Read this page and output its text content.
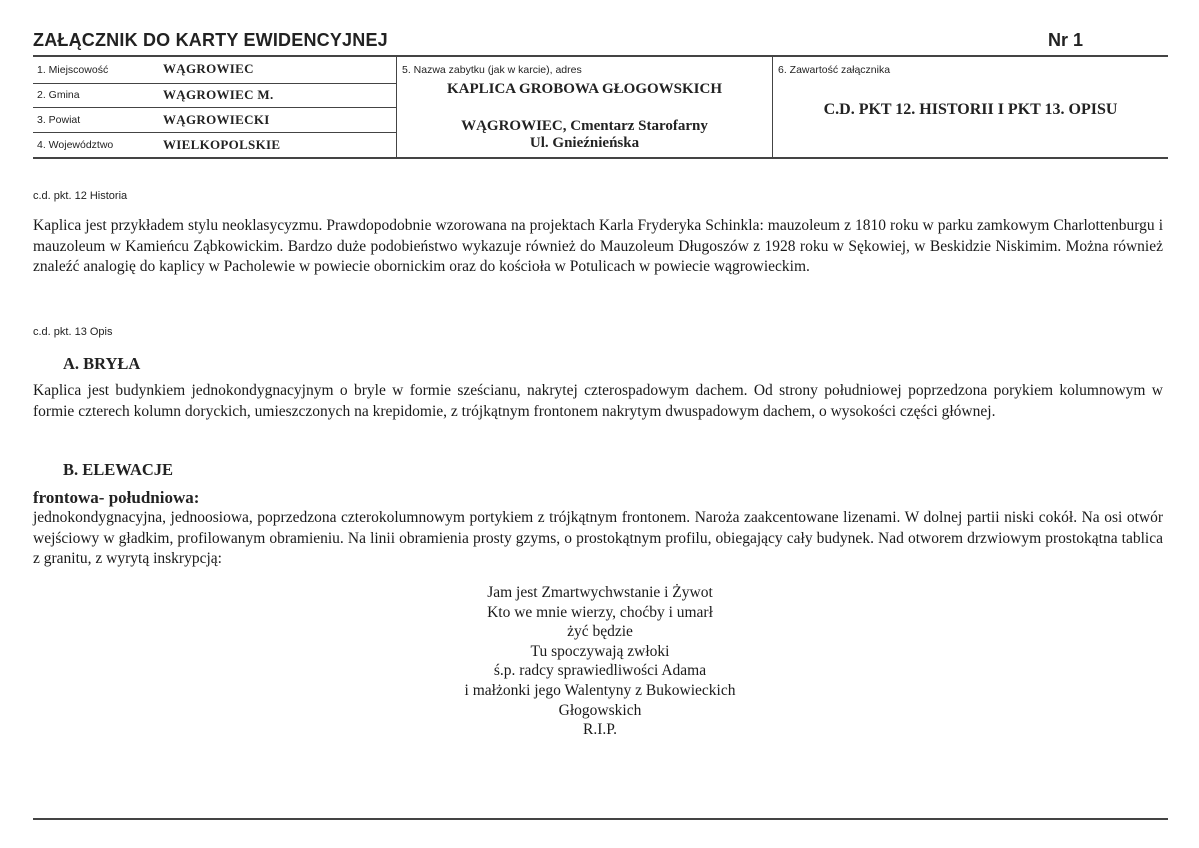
ZAŁĄCZNIK DO KARTY EWIDENCYJNEJ	Nr 1
1. Miejscowość	WĄGROWIEC
2. Gmina	WĄGROWIEC M.
3. Powiat	WĄGROWIECKI
4. Województwo	WIELKOPOLSKIE
5. Nazwa zabytku (jak w karcie), adres
KAPLICA GROBOWA GŁOGOWSKICH
WĄGROWIEC, Cmentarz Starofarny
Ul. Gnieźnieńska
6. Zawartość załącznika
C.D. PKT 12. HISTORII I PKT 13. OPISU
c.d. pkt. 12 Historia

Kaplica jest przykładem stylu neoklasycyzmu. Prawdopodobnie wzorowana na projektach Karla Fryderyka Schinkla: mauzoleum z 1810 roku w parku zamkowym Charlottenburgu i mauzoleum w Kamieńcu Ząbkowickim. Bardzo duże podobieństwo wykazuje również do Mauzoleum Długoszów z 1928 roku w Sękowiej, w Beskidzie Niskimim. Można również znaleźć analogię do kaplicy w Pacholewie w powiecie obornickim oraz do kościoła w Potulicach w powiecie wągrowieckim.

c.d. pkt. 13 Opis
A. BRYŁA

Kaplica jest budynkiem jednokondygnacyjnym o bryle w formie sześcianu, nakrytej czterospadowym dachem. Od strony południowej poprzedzona porykiem kolumnowym w formie czterech kolumn doryckich, umieszczonych na krepidomie, z trójkątnym frontonem nakrytym dwuspadowym dachem, o wysokości części głównej.

B. ELEWACJE
frontowa- południowa:

jednokondygnacyjna, jednoosiowa, poprzedzona czterokolumnowym portykiem z trójkątnym frontonem. Naroża zaakcentowane lizenami. W dolnej partii niski cokół. Na osi otwór wejściowy w gładkim, profilowanym obramieniu. Na linii obramienia prosty gzyms, o prostokątnym profilu, obiegający cały budynek. Nad otworem drzwiowym prostokątna tablica z granitu, z wyrytą inskrypcją:

Jam jest Zmartwychwstanie i Żywot
Kto we mnie wierzy, choćby i umarł
żyć będzie
Tu spoczywają zwłoki
ś.p. radcy sprawiedliwości Adama
i małżonki jego Walentyny z Bukowieckich
Głogowskich
R.I.P.
